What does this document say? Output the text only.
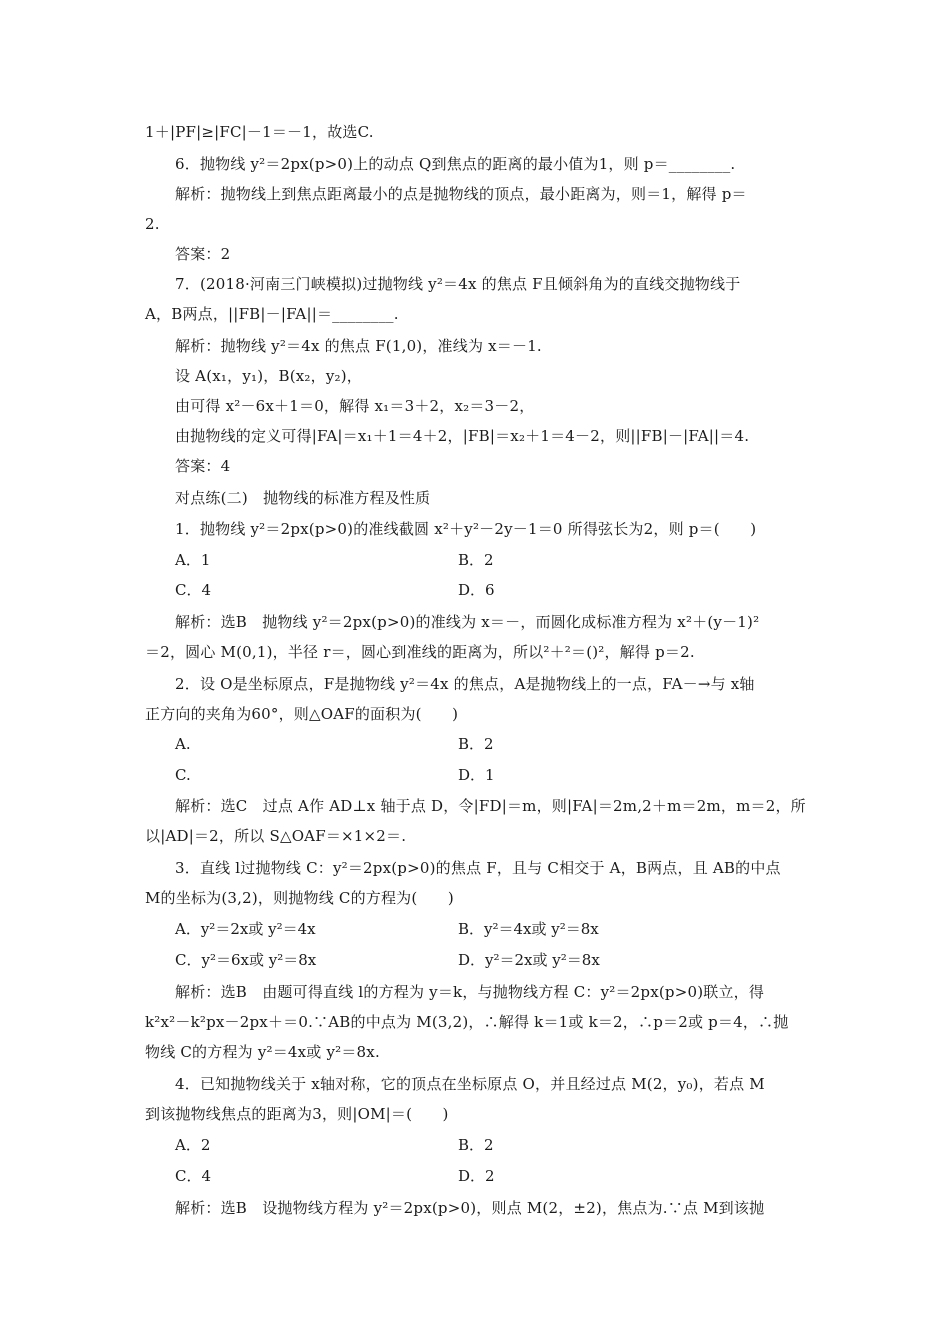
1＋|PF|≥|FC|－1＝－1，故选C.
6．抛物线 y²＝2px(p>0)上的动点 Q到焦点的距离的最小值为1，则 p＝________.
解析：抛物线上到焦点距离最小的点是抛物线的顶点，最小距离为，则＝1，解得 p＝
2.
答案：2
7．(2018·河南三门峡模拟)过抛物线 y²＝4x 的焦点 F且倾斜角为的直线交抛物线于
A，B两点，||FB|－|FA||＝________.
解析：抛物线 y²＝4x 的焦点 F(1,0)，准线为 x＝－1.
设 A(x₁，y₁)，B(x₂，y₂)，
由可得 x²－6x＋1＝0，解得 x₁＝3＋2，x₂＝3－2，
由抛物线的定义可得|FA|＝x₁＋1＝4＋2，|FB|＝x₂＋1＝4－2，则||FB|－|FA||＝4.
答案：4
对点练(二)　抛物线的标准方程及性质
1．抛物线 y²＝2px(p>0)的准线截圆 x²＋y²－2y－1＝0 所得弦长为2，则 p＝(　　)
解析：选B　抛物线 y²＝2px(p>0)的准线为 x＝－，而圆化成标准方程为 x²＋(y－1)²
＝2，圆心 M(0,1)，半径 r＝，圆心到准线的距离为，所以²＋²＝()²，解得 p＝2.
2．设 O是坐标原点，F是抛物线 y²＝4x 的焦点，A是抛物线上的一点，FA－→与 x轴
正方向的夹角为60°，则△OAF的面积为(　　)
解析：选C　过点 A作 AD⊥x 轴于点 D，令|FD|＝m，则|FA|＝2m,2＋m＝2m，m＝2，所
以|AD|＝2，所以 S△OAF＝×1×2＝.
3．直线 l过抛物线 C：y²＝2px(p>0)的焦点 F，且与 C相交于 A，B两点，且 AB的中点
M的坐标为(3,2)，则抛物线 C的方程为(　　)
解析：选B　由题可得直线 l的方程为 y＝k，与抛物线方程 C：y²＝2px(p>0)联立，得
k²x²－k²px－2px＋＝0.∵AB的中点为 M(3,2)，∴解得 k＝1或 k＝2，∴p＝2或 p＝4，∴抛
物线 C的方程为 y²＝4x或 y²＝8x.
4．已知抛物线关于 x轴对称，它的顶点在坐标原点 O，并且经过点 M(2，y₀)，若点 M
到该抛物线焦点的距离为3，则|OM|＝(　　)
解析：选B　设抛物线方程为 y²＝2px(p>0)，则点 M(2，±2)，焦点为.∵点 M到该抛
A．1	B．2
C．4	D．6
A.	B．2
C.	D．1
A．y²＝2x或 y²＝4x	B．y²＝4x或 y²＝8x
C．y²＝6x或 y²＝8x	D．y²＝2x或 y²＝8x
A．2	B．2
C．4	D．2
